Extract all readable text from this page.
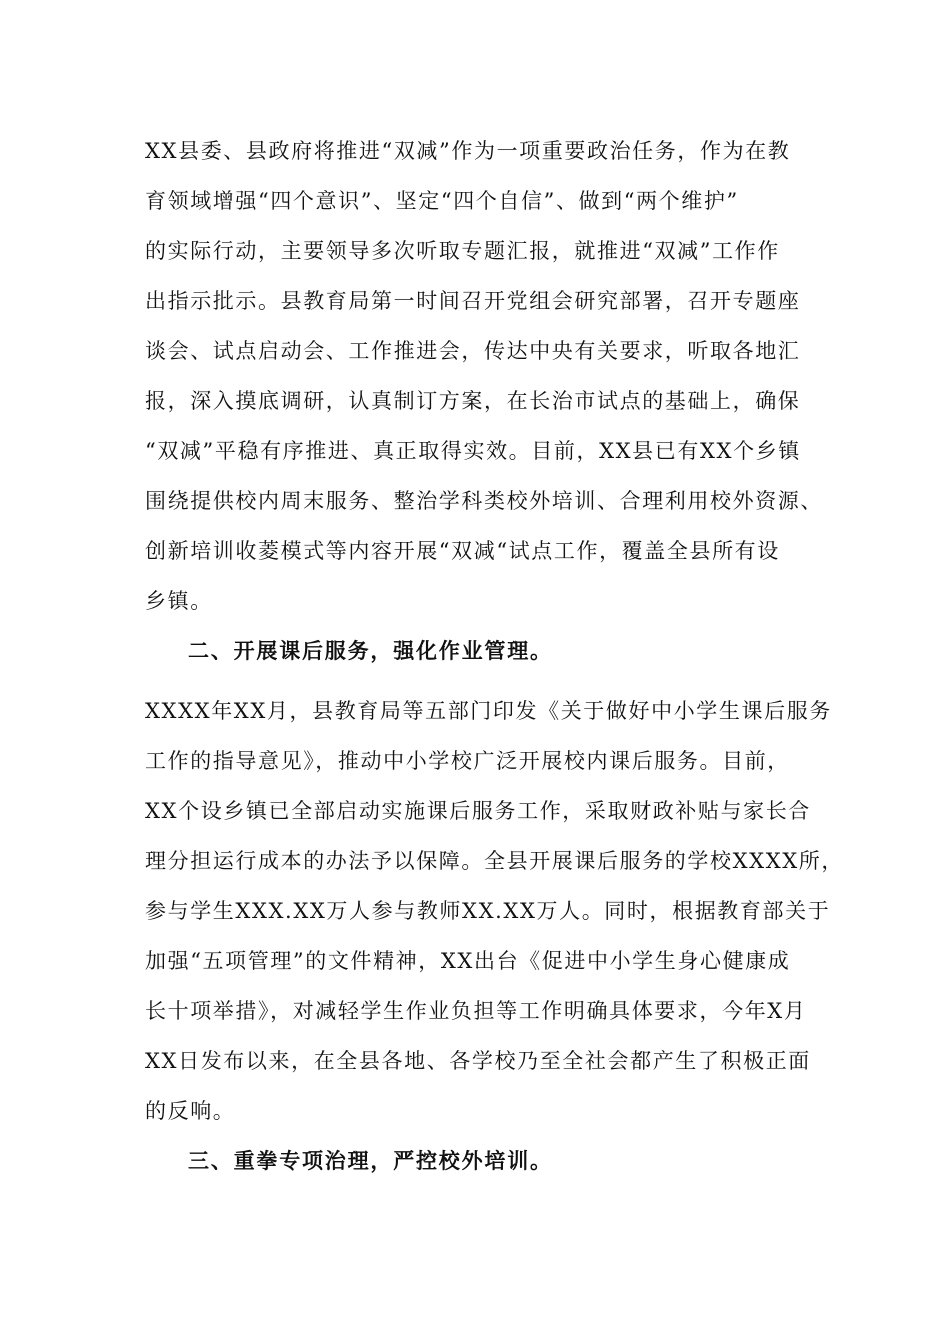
XX县委、县政府将推进“双减”作为一项重要政治任务，作为在教
育领域增强“四个意识”、坚定“四个自信”、做到“两个维护”
的实际行动，主要领导多次听取专题汇报，就推进“双减”工作作
出指示批示。县教育局第一时间召开党组会研究部署，召开专题座
谈会、试点启动会、工作推进会，传达中央有关要求，听取各地汇
报，深入摸底调研，认真制订方案，在长治市试点的基础上，确保
“双减”平稳有序推进、真正取得实效。目前，XX县已有XX个乡镇
围绕提供校内周末服务、整治学科类校外培训、合理利用校外资源、
创新培训收菱模式等内容开展“双减“试点工作，覆盖全县所有设
乡镇。
二、开展课后服务，强化作业管理。
XXXX年XX月，县教育局等五部门印发《关于做好中小学生课后服务
工作的指导意见》，推动中小学校广泛开展校内课后服务。目前，
XX个设乡镇已全部启动实施课后服务工作，采取财政补贴与家长合
理分担运行成本的办法予以保障。全县开展课后服务的学校XXXX所，
参与学生XXX.XX万人参与教师XX.XX万人。同时，根据教育部关于
加强“五项管理”的文件精神，XX出台《促进中小学生身心健康成
长十项举措》，对减轻学生作业负担等工作明确具体要求，今年X月
XX日发布以来，在全县各地、各学校乃至全社会都产生了积极正面
的反响。
三、重拳专项治理，严控校外培训。
